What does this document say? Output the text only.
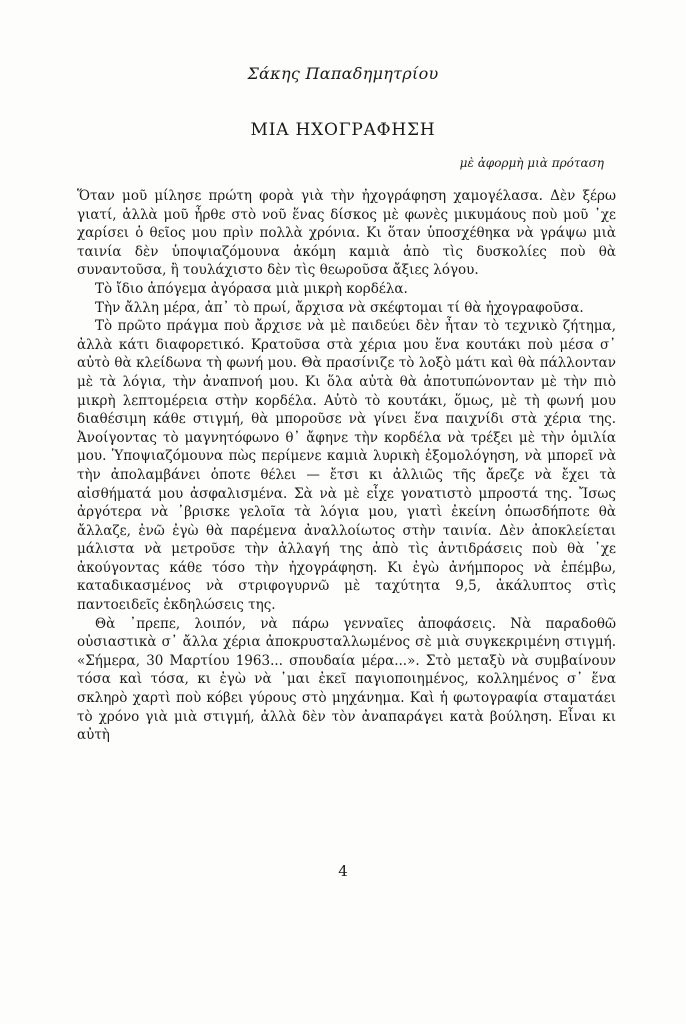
Σάκης Παπαδημητρίου
ΜΙΑ ΗΧΟΓΡΑΦΗΣΗ
μὲ ἀφορμὴ μιὰ πρόταση

Ὅταν μοῦ μίλησε πρώτη φορὰ γιὰ τὴν ἠχογράφηση χαμογέλασα. Δὲν ξέρω γιατί, ἀλλὰ μοῦ ἦρθε στὸ νοῦ ἕνας δίσκος μὲ φωνὲς μικυμάους ποὺ μοῦ ᾽χε χαρίσει ὁ θεῖος μου πρὶν πολλὰ χρόνια. Κι ὅταν ὑποσχέθηκα νὰ γράψω μιὰ ταινία δὲν ὑποψιαζόμουνα ἀκόμη καμιὰ ἀπὸ τὶς δυσκολίες ποὺ θὰ συναντοῦσα, ἢ τουλάχιστο δὲν τὶς θεωροῦσα ἄξιες λόγου.

Τὸ ἴδιο ἀπόγεμα ἀγόρασα μιὰ μικρὴ κορδέλα.

Τὴν ἄλλη μέρα, ἀπ᾽ τὸ πρωί, ἄρχισα νὰ σκέφτομαι τί θὰ ἠχογραφοῦσα.

Τὸ πρῶτο πράγμα ποὺ ἄρχισε νὰ μὲ παιδεύει δὲν ἦταν τὸ τεχνικὸ ζήτημα, ἀλλὰ κάτι διαφορετικό. Κρατοῦσα στὰ χέρια μου ἕνα κουτάκι ποὺ μέσα σ᾽ αὐτὸ θὰ κλείδωνα τὴ φωνή μου. Θὰ πρασίνιζε τὸ λοξὸ μάτι καὶ θὰ πάλλονταν μὲ τὰ λόγια, τὴν ἀναπνοή μου. Κι ὅλα αὐτὰ θὰ ἀποτυπώνονταν μὲ τὴν πιὸ μικρὴ λεπτομέρεια στὴν κορδέλα. Αὐτὸ τὸ κουτάκι, ὅμως, μὲ τὴ φωνή μου διαθέσιμη κάθε στιγμή, θὰ μποροῦσε νὰ γίνει ἕνα παιχνίδι στὰ χέρια της. Ἀνοίγοντας τὸ μαγνητόφωνο θ᾽ ἄφηνε τὴν κορδέλα νὰ τρέξει μὲ τὴν ὁμιλία μου. Ὑποψιαζόμουνα πὼς περίμενε καμιὰ λυρικὴ ἐξομολόγηση, νὰ μπορεῖ νὰ τὴν ἀπολαμβάνει ὁποτε θέλει — ἔτσι κι ἀλλιῶς τῆς ἄρεζε νὰ ἔχει τὰ αἰσθήματά μου ἀσφαλισμένα. Σὰ νὰ μὲ εἶχε γονατιστὸ μπροστά της. Ἴσως ἀργότερα νὰ ᾽βρισκε γελοῖα τὰ λόγια μου, γιατὶ ἐκείνη ὁπωσδήποτε θὰ ἄλλαζε, ἐνῶ ἐγὼ θὰ παρέμενα ἀναλλοίωτος στὴν ταινία. Δὲν ἀποκλείεται μάλιστα νὰ μετροῦσε τὴν ἀλλαγή της ἀπὸ τὶς ἀντιδράσεις ποὺ θὰ ᾽χε ἀκούγοντας κάθε τόσο τὴν ἠχογράφηση. Κι ἐγὼ ἀνήμπορος νὰ ἐπέμβω, καταδικασμένος νὰ στριφογυρνῶ μὲ ταχύτητα 9,5, ἀκάλυπτος στὶς παντοειδεῖς ἐκδηλώσεις της.

Θὰ ᾽πρεπε, λοιπόν, νὰ πάρω γενναῖες ἀποφάσεις. Νὰ παραδοθῶ οὐσιαστικὰ σ᾽ ἄλλα χέρια ἀποκρυσταλλωμένος σὲ μιὰ συγκεκριμένη στιγμή. «Σήμερα, 30 Μαρτίου 1963... σπουδαία μέρα...». Στὸ μεταξὺ νὰ συμβαίνουν τόσα καὶ τόσα, κι ἐγὼ νὰ ᾽μαι ἐκεῖ παγιοποιημένος, κολλημένος σ᾽ ἕνα σκληρὸ χαρτὶ ποὺ κόβει γύρους στὸ μηχάνημα. Καὶ ἡ φωτογραφία σταματάει τὸ χρόνο γιὰ μιὰ στιγμή, ἀλλὰ δὲν τὸν ἀναπαράγει κατὰ βούληση. Εἶναι κι αὐτὴ

4
